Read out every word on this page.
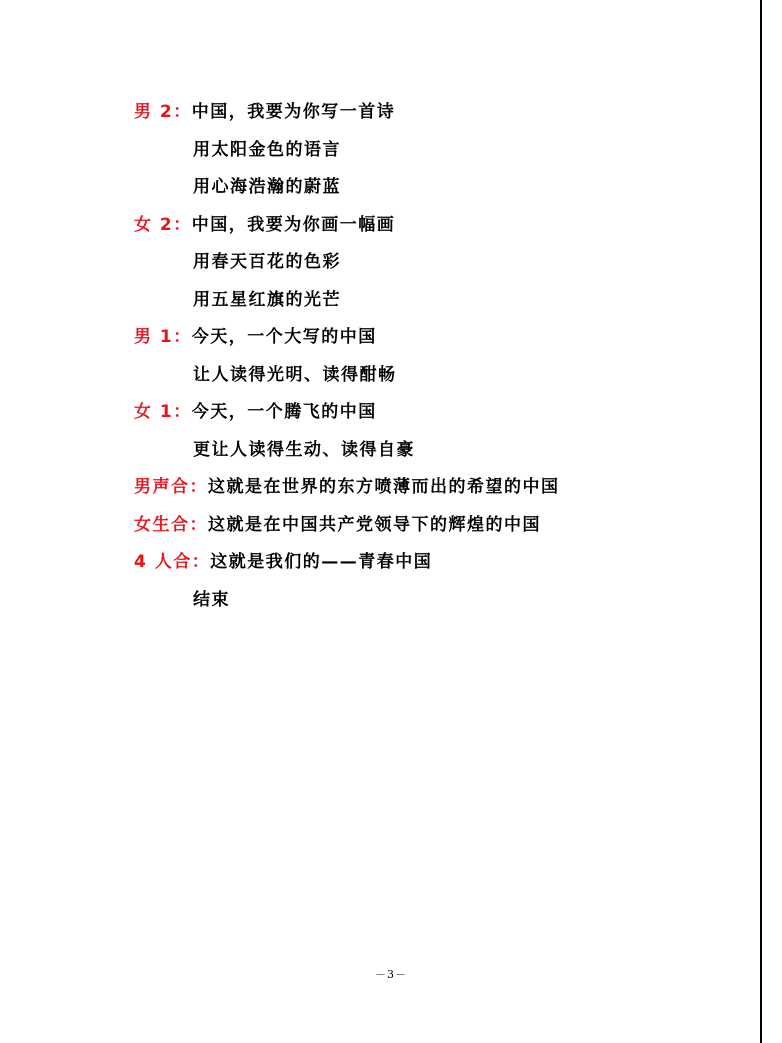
男 2：中国，我要为你写一首诗
用太阳金色的语言
用心海浩瀚的蔚蓝
女 2：中国，我要为你画一幅画
用春天百花的色彩
用五星红旗的光芒
男 1：今天，一个大写的中国
让人读得光明、读得酣畅
女 1：今天，一个腾飞的中国
更让人读得生动、读得自豪
男声合：这就是在世界的东方喷薄而出的希望的中国
女生合：这就是在中国共产党领导下的辉煌的中国
4 人合：这就是我们的——青春中国
结束
－3－
